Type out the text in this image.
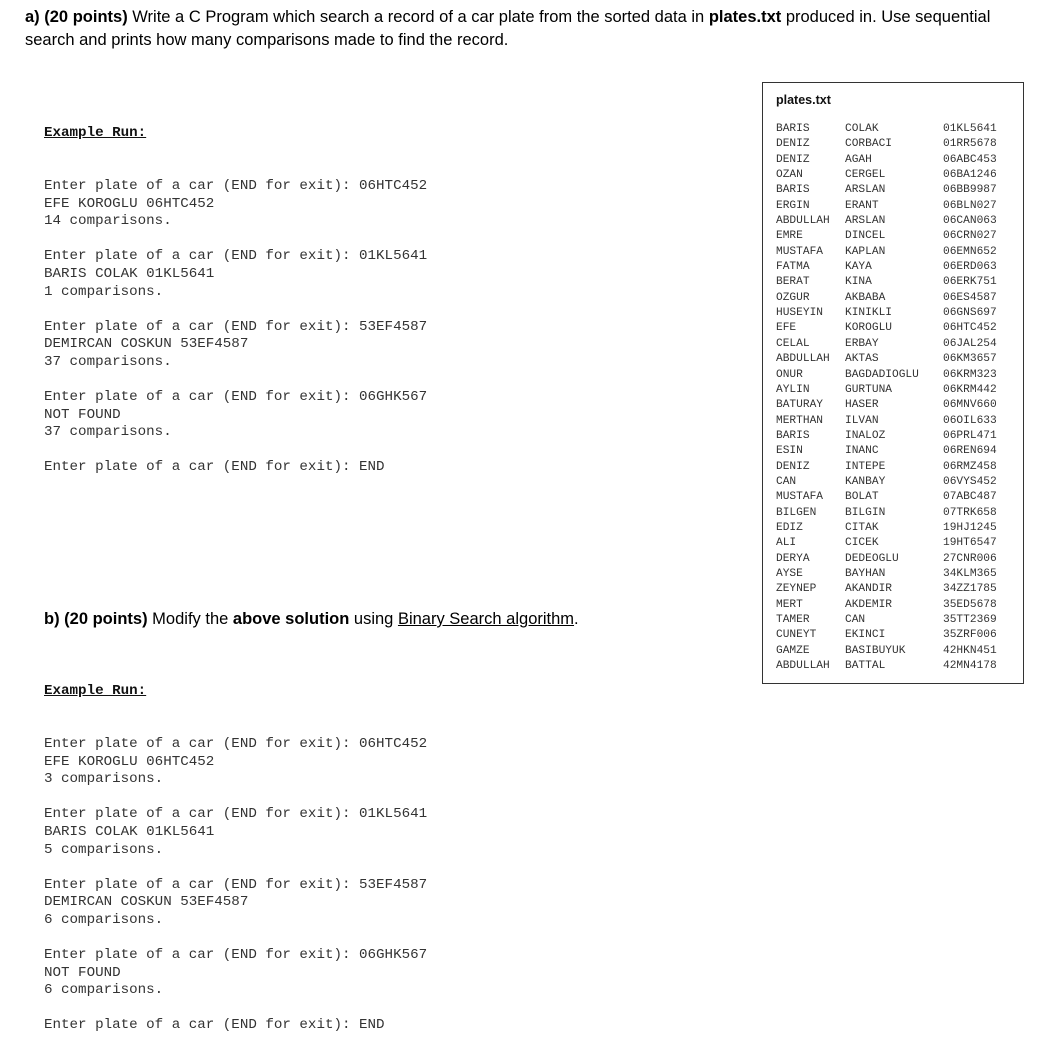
a) (20 points) Write a C Program which search a record of a car plate from the sorted data in plates.txt produced in. Use sequential search and prints how many comparisons made to find the record.

Example Run:

Enter plate of a car (END for exit): 06HTC452
EFE KOROGLU 06HTC452
14 comparisons.
Enter plate of a car (END for exit): 01KL5641
BARIS COLAK 01KL5641
1 comparisons.
Enter plate of a car (END for exit): 53EF4587
DEMIRCAN COSKUN 53EF4587
37 comparisons.
Enter plate of a car (END for exit): 06GHK567
NOT FOUND
37 comparisons.
Enter plate of a car (END for exit): END

b) (20 points) Modify the above solution using Binary Search algorithm.

Example Run:

Enter plate of a car (END for exit): 06HTC452
EFE KOROGLU 06HTC452
3 comparisons.
Enter plate of a car (END for exit): 01KL5641
BARIS COLAK 01KL5641
5 comparisons.
Enter plate of a car (END for exit): 53EF4587
DEMIRCAN COSKUN 53EF4587
6 comparisons.
Enter plate of a car (END for exit): 06GHK567
NOT FOUND
6 comparisons.
Enter plate of a car (END for exit): END

plates.txt
BARIS	COLAK	01KL5641
DENIZ	CORBACI	01RR5678
DENIZ	AGAH	06ABC453
OZAN	CERGEL	06BA1246
BARIS	ARSLAN	06BB9987
ERGIN	ERANT	06BLN027
ABDULLAH ARSLAN	06CAN063
EMRE	DINCEL	06CRN027
MUSTAFA KAPLAN	06EMN652
FATMA	KAYA	06ERD063
BERAT	KINA	06ERK751
OZGUR	AKBABA	06ES4587
HUSEYIN KINIKLI	06GNS697
EFE	KOROGLU	06HTC452
CELAL	ERBAY	06JAL254
ABDULLAH AKTAS	06KM3657
ONUR	BAGDADIOGLU 06KRM323
AYLIN	GURTUNA	06KRM442
BATURAY HASER	06MNV660
MERTHAN ILVAN	06OIL633
BARIS	INALOZ	06PRL471
ESIN	INANC	06REN694
DENIZ	INTEPE	06RMZ458
CAN	KANBAY	06VYS452
MUSTAFA BOLAT	07ABC487
BILGEN	BILGIN	07TRK658
EDIZ	CITAK	19HJ1245
ALI	CICEK	19HT6547
DERYA	DEDEOGLU	27CNR006
AYSE	BAYHAN	34KLM365
ZEYNEP	AKANDIR	34ZZ1785
MERT	AKDEMIR	35ED5678
TAMER	CAN	35TT2369
CUNEYT	EKINCI	35ZRF006
GAMZE	BASIBUYUK	42HKN451
ABDULLAH BATTAL	42MN4178
